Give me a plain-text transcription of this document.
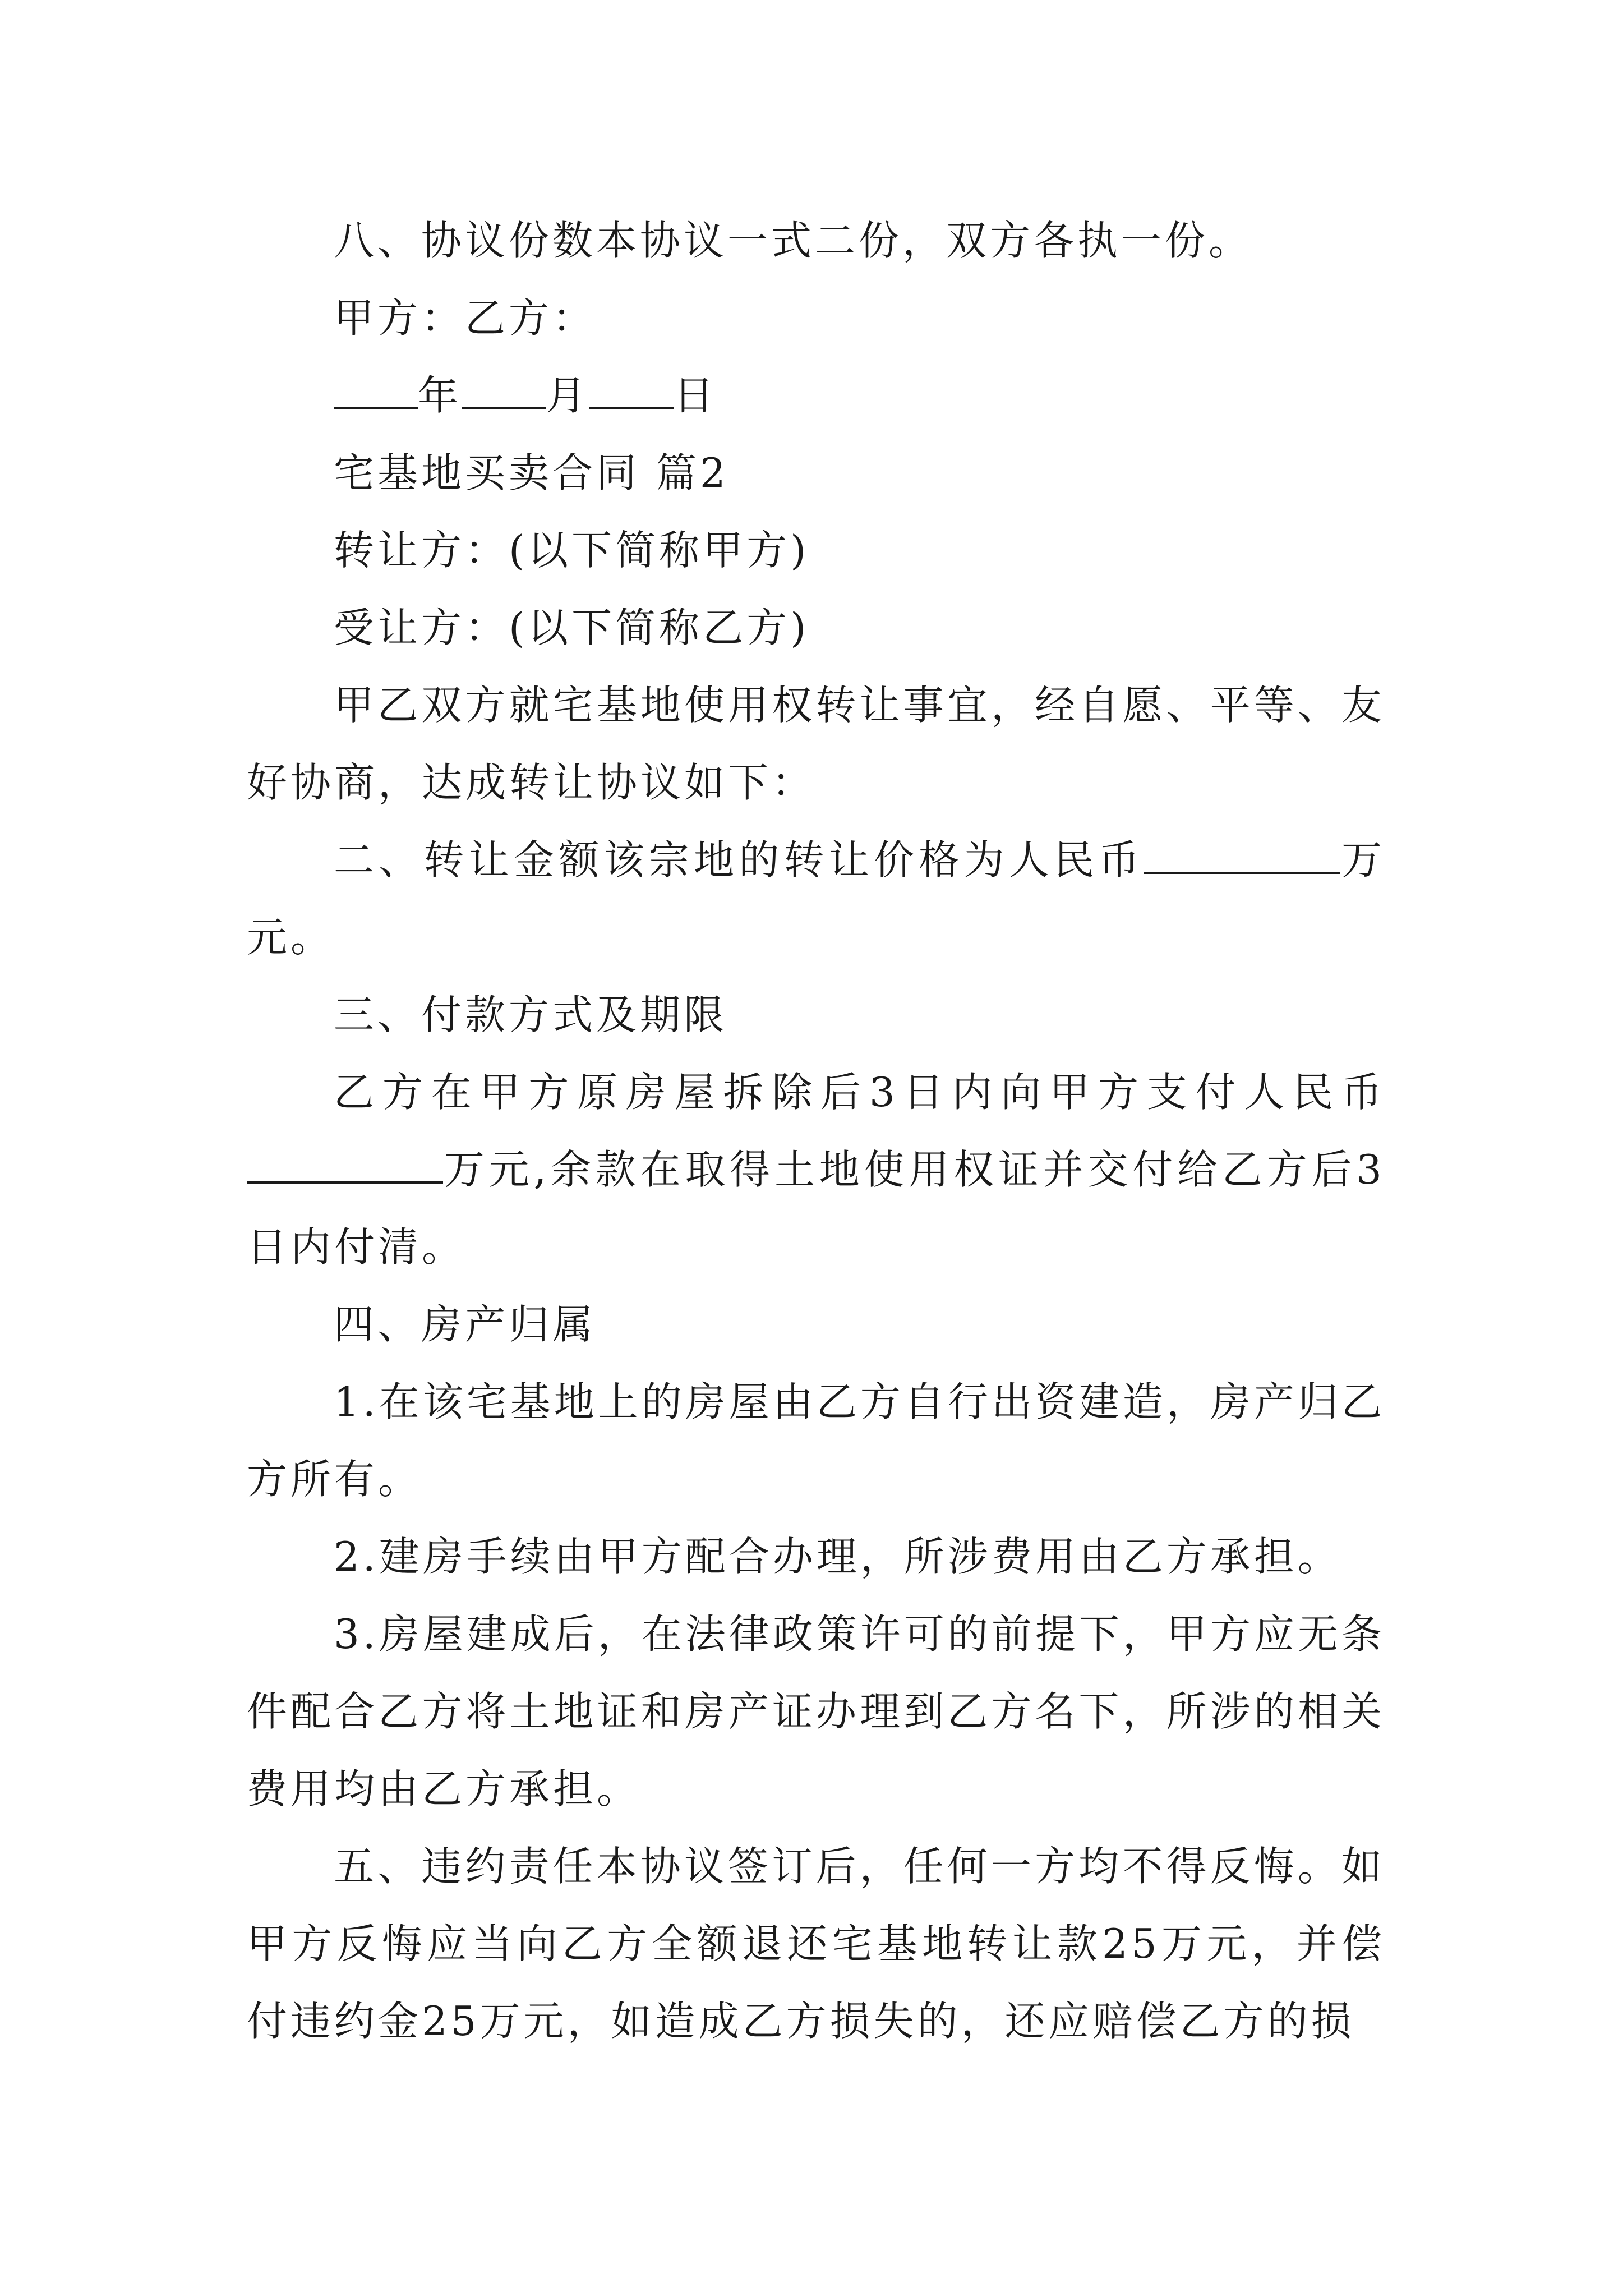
八、协议份数本协议一式二份，双方各执一份。

甲方：乙方：

年 月 日

宅基地买卖合同 篇2

转让方：(以下简称甲方)

受让方：(以下简称乙方)

甲乙双方就宅基地使用权转让事宜，经自愿、平等、友好协商，达成转让协议如下：

二、转让金额该宗地的转让价格为人民币	万元。

三、付款方式及期限

乙方在甲方原房屋拆除后3日内向甲方支付人民币万元,余款在取得土地使用权证并交付给乙方后3日内付清。

四、房产归属

1.在该宅基地上的房屋由乙方自行出资建造，房产归乙方所有。

2.建房手续由甲方配合办理，所涉费用由乙方承担。

3.房屋建成后，在法律政策许可的前提下，甲方应无条件配合乙方将土地证和房产证办理到乙方名下，所涉的相关费用均由乙方承担。

五、违约责任本协议签订后，任何一方均不得反悔。如甲方反悔应当向乙方全额退还宅基地转让款25万元，并偿付违约金25万元，如造成乙方损失的，还应赔偿乙方的损
